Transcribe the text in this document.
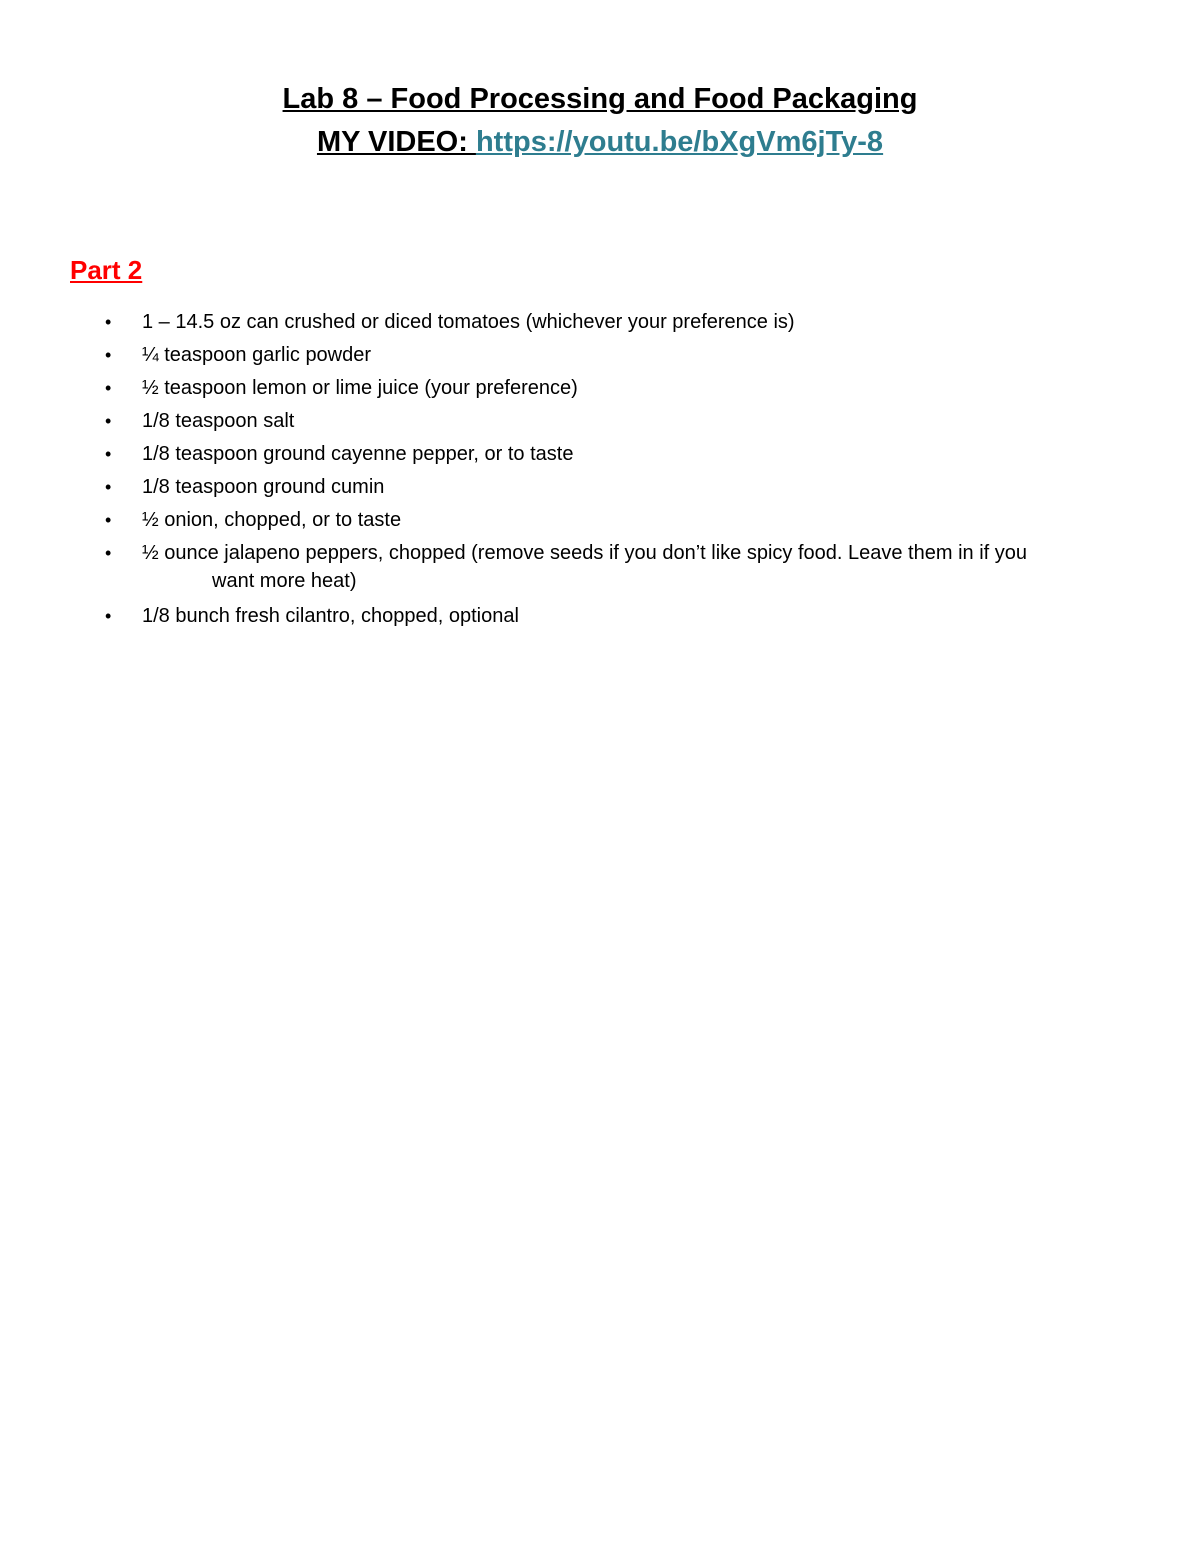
Lab 8 – Food Processing and Food Packaging

MY VIDEO: https://youtu.be/bXgVm6jTy-8

Part 2
• 1 – 14.5 oz can crushed or diced tomatoes (whichever your preference is)
• ¼ teaspoon garlic powder
• ½ teaspoon lemon or lime juice (your preference)
• 1/8 teaspoon salt
• 1/8 teaspoon ground cayenne pepper, or to taste
• 1/8 teaspoon ground cumin
• ½ onion, chopped, or to taste
• ½ ounce jalapeno peppers, chopped (remove seeds if you don’t like spicy food. Leave them in if you
want more heat)
• 1/8 bunch fresh cilantro, chopped, optional
